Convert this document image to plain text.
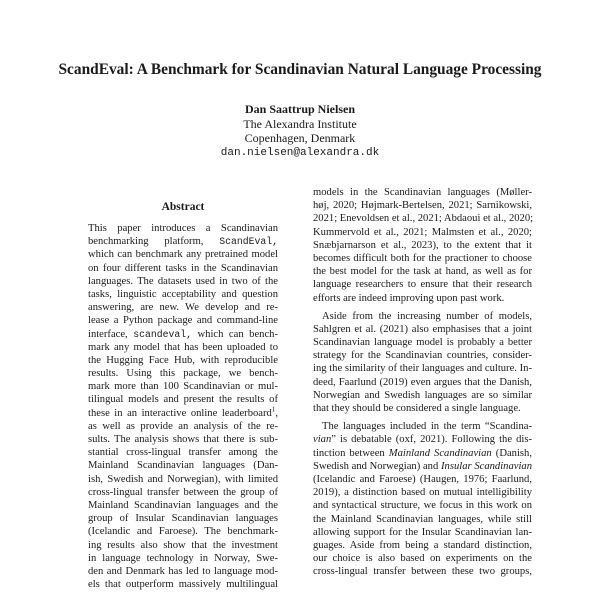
ScandEval: A Benchmark for Scandinavian Natural Language Processing
Dan Saattrup Nielsen
The Alexandra Institute
Copenhagen, Denmark
dan.nielsen@alexandra.dk
Abstract
This paper introduces a Scandinavian
benchmarking platform, ScandEval,
which can benchmark any pretrained model
on four different tasks in the Scandinavian
languages. The datasets used in two of the
tasks, linguistic acceptability and question
answering, are new. We develop and re-
lease a Python package and command-line
interface, scandeval, which can bench-
mark any model that has been uploaded to
the Hugging Face Hub, with reproducible
results. Using this package, we bench-
mark more than 100 Scandinavian or mul-
tilingual models and present the results of
these in an interactive online leaderboard$^1$,
as well as provide an analysis of the re-
sults. The analysis shows that there is sub-
stantial cross-lingual transfer among the
Mainland Scandinavian languages (Dan-
ish, Swedish and Norwegian), with limited
cross-lingual transfer between the group of
Mainland Scandinavian languages and the
group of Insular Scandinavian languages
(Icelandic and Faroese). The benchmark-
ing results also show that the investment
in language technology in Norway, Swe-
den and Denmark has led to language mod-
els that outperform massively multilingual
models in the Scandinavian languages (Møller-
høj, 2020; Højmark-Bertelsen, 2021; Sarnikowski,
2021; Enevoldsen et al., 2021; Abdaoui et al., 2020;
Kummervold et al., 2021; Malmsten et al., 2020;
Snæbjarnarson et al., 2023), to the extent that it
becomes difficult both for the practioner to choose
the best model for the task at hand, as well as for
language researchers to ensure that their research
efforts are indeed improving upon past work.
Aside from the increasing number of models,
Sahlgren et al. (2021) also emphasises that a joint
Scandinavian language model is probably a better
strategy for the Scandinavian countries, consider-
ing the similarity of their languages and culture. In-
deed, Faarlund (2019) even argues that the Danish,
Norwegian and Swedish languages are so similar
that they should be considered a single language.
The languages included in the term “Scandina-
vian” is debatable (oxf, 2021). Following the dis-
tinction between Mainland Scandinavian (Danish,
Swedish and Norwegian) and Insular Scandinavian
(Icelandic and Faroese) (Haugen, 1976; Faarlund,
2019), a distinction based on mutual intelligibility
and syntactical structure, we focus in this work on
the Mainland Scandinavian languages, while still
allowing support for the Insular Scandinavian lan-
guages. Aside from being a standard distinction,
our choice is also based on experiments on the
cross-lingual transfer between these two groups,
